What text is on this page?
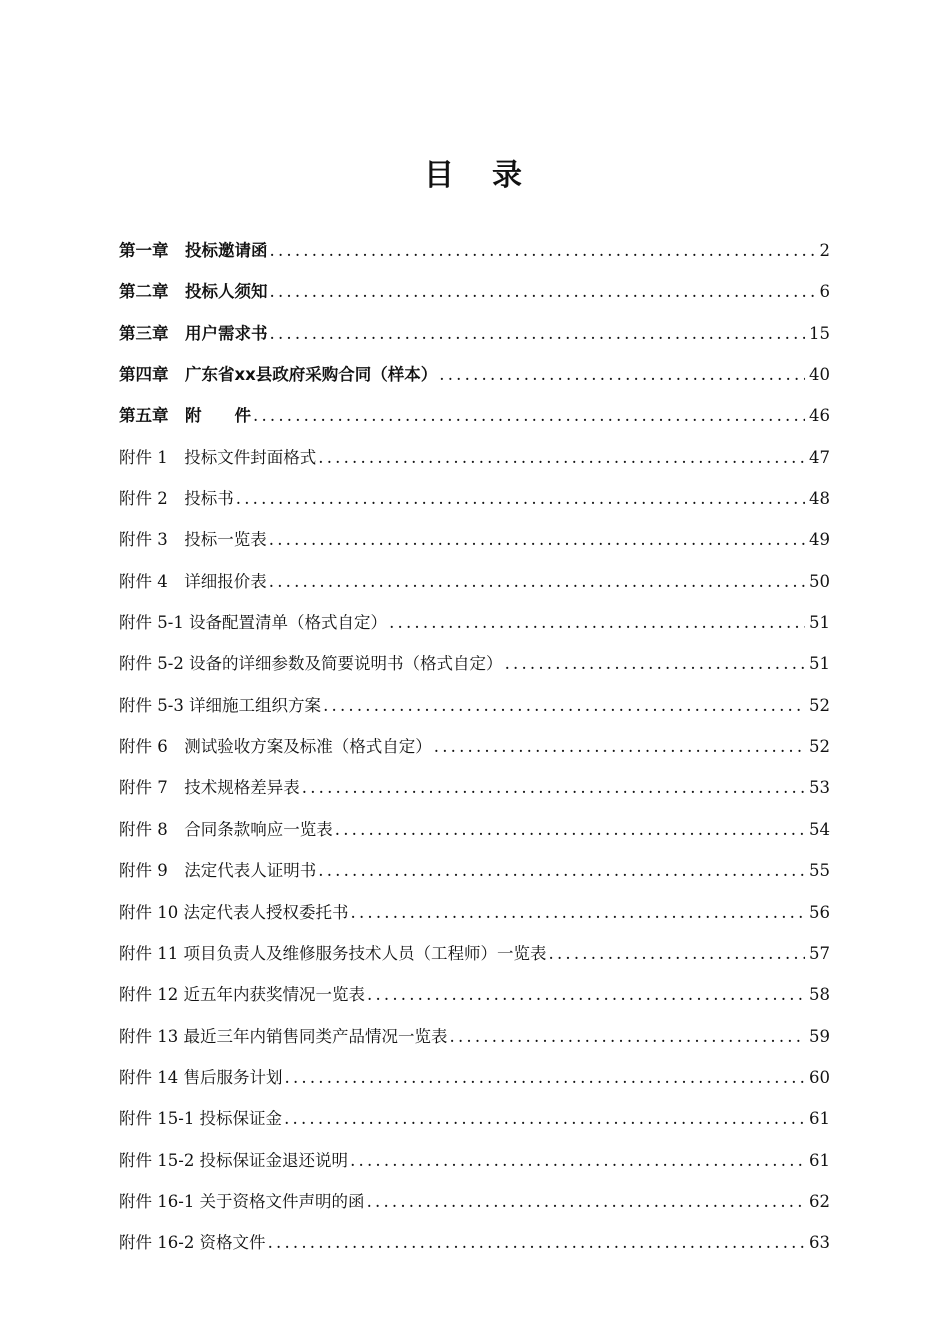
目　录
第一章　投标邀请函 .....	2
第二章　投标人须知 .....	6
第三章　用户需求书 .....	15
第四章　广东省xx县政府采购合同（样本） .....	40
第五章　附　　件 .....	46
附件 1　投标文件封面格式 .....	47
附件 2　投标书 .....	48
附件 3　投标一览表 .....	49
附件 4　详细报价表 .....	50
附件 5-1 设备配置清单（格式自定） .....	51
附件 5-2 设备的详细参数及简要说明书（格式自定） .....	51
附件 5-3 详细施工组织方案 .....	52
附件 6　测试验收方案及标准（格式自定） .....	52
附件 7　技术规格差异表 .....	53
附件 8　合同条款响应一览表 .....	54
附件 9　法定代表人证明书 .....	55
附件 10 法定代表人授权委托书 .....	56
附件 11 项目负责人及维修服务技术人员（工程师）一览表 .....	57
附件 12 近五年内获奖情况一览表 .....	58
附件 13 最近三年内销售同类产品情况一览表 .....	59
附件 14 售后服务计划 .....	60
附件 15-1 投标保证金 .....	61
附件 15-2 投标保证金退还说明 .....	61
附件 16-1 关于资格文件声明的函 .....	62
附件 16-2 资格文件 .....	63
